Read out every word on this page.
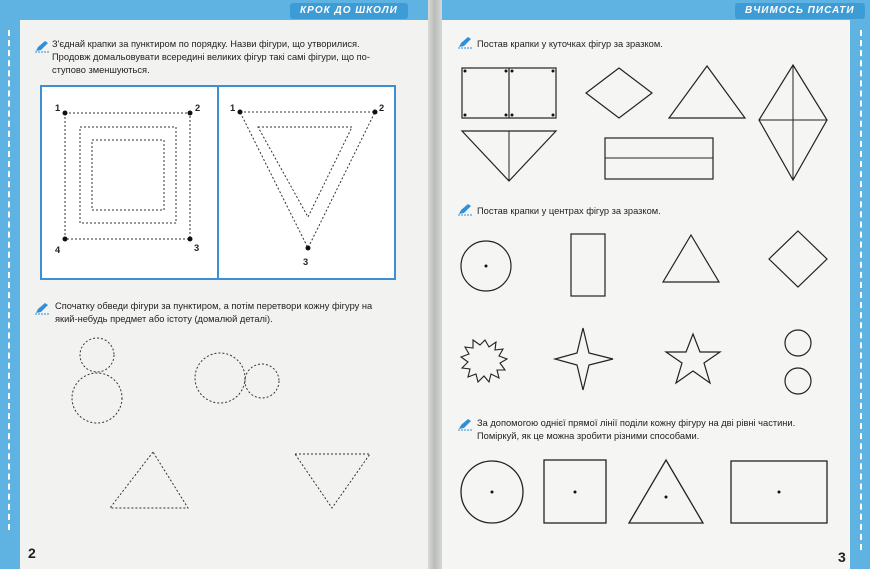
КРОК ДО ШКОЛИ	ВЧИМОСЬ ПИСАТИ
З'єднай крапки за пунктиром по порядку. Назви фігури, що утворилися.
Продовж домальовувати всередині великих фігур такі самі фігури, що по-
ступово зменшуються.
1	2
3
4
1	2
3
Спочатку обведи фігури за пунктиром, а потім перетвори кожну фігуру на
який-небудь предмет або істоту (домалюй деталі).
2
Постав крапки у куточках фігур за зразком.
Постав крапки у центрах фігур за зразком.
За допомогою однієї прямої лінії поділи кожну фігуру на дві рівні частини.
Поміркуй, як це можна зробити різними способами.
3
